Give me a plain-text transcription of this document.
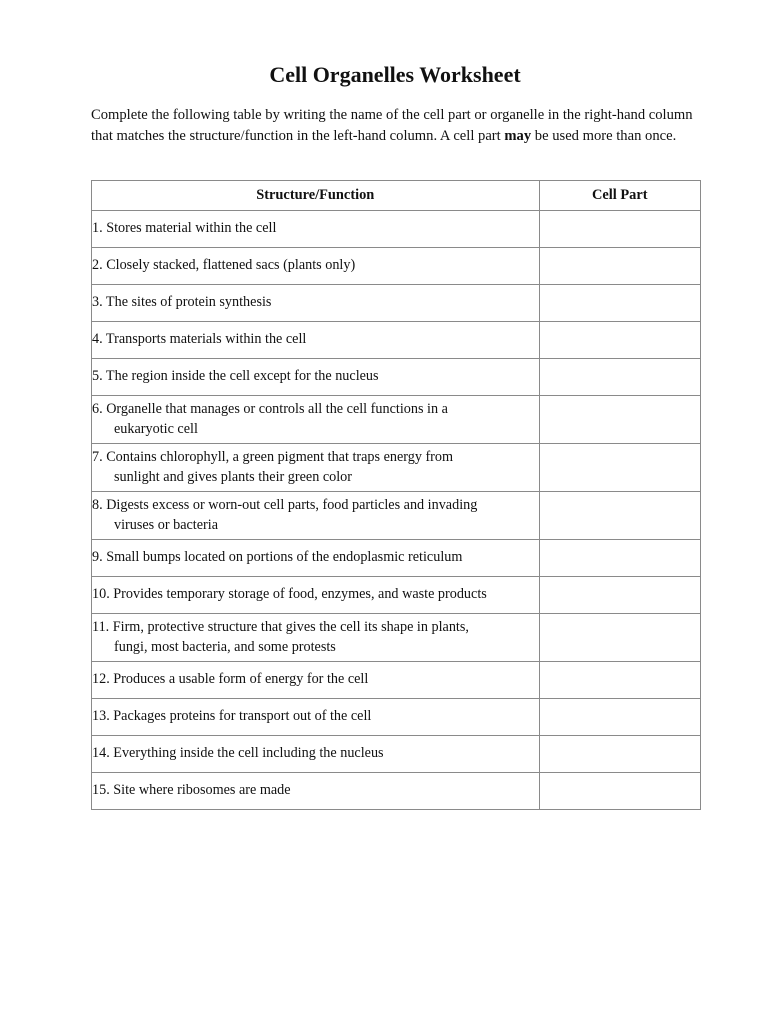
Cell Organelles Worksheet

Complete the following table by writing the name of the cell part or organelle in the right-hand column that matches the structure/function in the left-hand column. A cell part may be used more than once.

Structure/Function	Cell Part
1. Stores material within the cell	
2. Closely stacked, flattened sacs (plants only)	
3. The sites of protein synthesis	
4. Transports materials within the cell	
5. The region inside the cell except for the nucleus	
6. Organelle that manages or controls all the cell functions in a
eukaryotic cell	

7. Contains chlorophyll, a green pigment that traps energy from
sunlight and gives plants their green color	

8. Digests excess or worn-out cell parts, food particles and invading
viruses or bacteria	

9. Small bumps located on portions of the endoplasmic reticulum	
10. Provides temporary storage of food, enzymes, and waste products	
11. Firm, protective structure that gives the cell its shape in plants,
fungi, most bacteria, and some protests	

12. Produces a usable form of energy for the cell	
13. Packages proteins for transport out of the cell	
14. Everything inside the cell including the nucleus	
15. Site where ribosomes are made	
